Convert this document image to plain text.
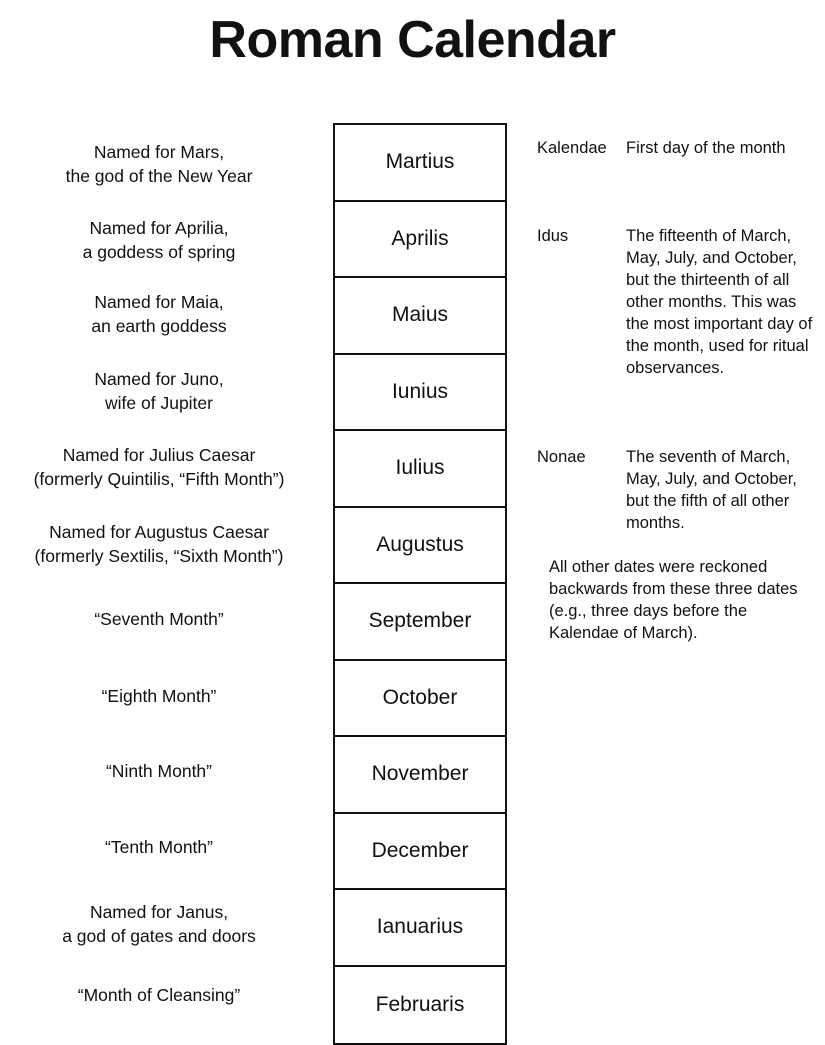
Roman Calendar
Martius
Aprilis
Maius
Iunius
Iulius
Augustus
September
October
November
December
Ianuarius
Februaris
Named for Mars,
the god of the New Year
Named for Aprilia,
a goddess of spring
Named for Maia,
an earth goddess
Named for Juno,
wife of Jupiter
Named for Julius Caesar
(formerly Quintilis, “Fifth Month”)
Named for Augustus Caesar
(formerly Sextilis, “Sixth Month”)
“Seventh Month”
“Eighth Month”
“Ninth Month”
“Tenth Month”
Named for Janus,
a god of gates and doors
“Month of Cleansing”
Kalendae First day of the month
Idus	The fifteenth of March, May, July, and October, but the thirteenth of all other months. This was the most important day of the month, used for ritual observances.
Nonae The seventh of March, May, July, and October, but the fifth of all other months.
All other dates were reckoned backwards from these three dates (e.g., three days before the Kalendae of March).
